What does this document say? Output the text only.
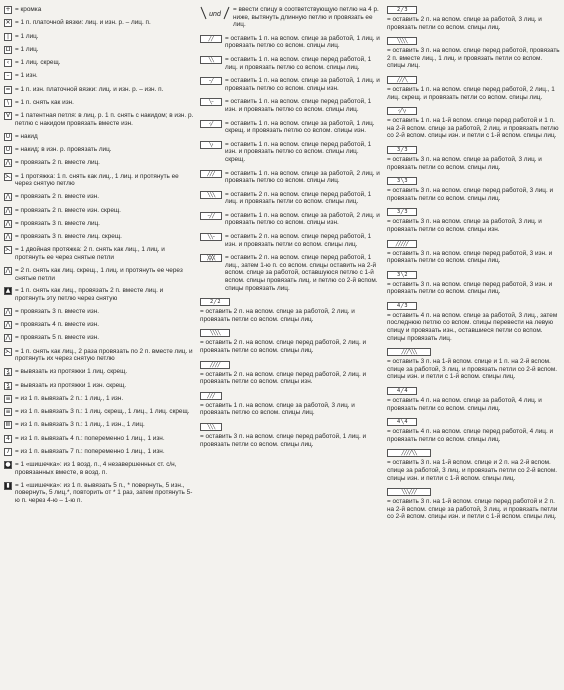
+ = кромка
✕ = 1 п. платочной вязки: лиц. и изн. р. – лиц. п.
| = 1 лиц.
Ω = 1 лиц.
‹ = 1 лиц. скрещ.
– = 1 изн.
= = 1 п. изн. платочной вязки: лиц. и изн. р. – изн. п.
\ = 1 п. снять как изн.
V = 1 патентная петля: в лиц. р. 1 п. снять с накидом; в изн. р. петлю с накидом провязать вместе изн.
U = накид
U = накид; в изн. р. провязать лиц.
⋀ = провязать 2 п. вместе лиц.
⋋ = 1 протяжка: 1 п. снять как лиц., 1 лиц. и протянуть ее через снятую петлю
⋀ = провязать 2 п. вместе изн.
⋀ = провязать 2 п. вместе изн. скрещ.
⋀ = провязать 3 п. вместе лиц.
⋀ = провязать 3 п. вместе лиц. скрещ.
⋋ = 1 двойная протяжка: 2 п. снять как лиц., 1 лиц. и протянуть ее через снятые петли
⋀ = 2 п. снять как лиц. скрещ., 1 лиц. и протянуть ее через снятые петли
▲ = 1 п. снять как лиц., провязать 2 п. вместе лиц. и протянуть эту петлю через снятую
⋀ = провязать 3 п. вместе изн.
⋀ = провязать 4 п. вместе изн.
⋀ = провязать 5 п. вместе изн.
⋋ = 1 п. снять как лиц., 2 раза провязать по 2 п. вместе лиц. и протянуть их через снятую петлю
ʓ = вывязать из протяжки 1 лиц. скрещ.
ʓ = вывязать из протяжки 1 изн. скрещ.
≡ = из 1 п. вывязать 2 п.: 1 лиц., 1 изн.
≡ = из 1 п. вывязать 3 п.: 1 лиц. скрещ., 1 лиц., 1 лиц. скрещ.
Ⅲ = из 1 п. вывязать 3 п.: 1 лиц., 1 изн., 1 лиц.
4 = из 1 п. вывязать 4 п.: попеременно 1 лиц., 1 изн.
7 = из 1 п. вывязать 7 п.: попеременно 1 лиц., 1 изн.
● = 1 «шишечка»: из 1 возд. п., 4 незавершенных ст. с/н, провязанных вместе, в возд. п.
▮ = 1 «шишечка»: из 1 п. вывязать 5 п., * повернуть, 5 изн., повернуть, 5 лиц.*, повторить от * 1 раз, затем протянуть 5-ю п. через 4-ю – 1-ю п.
und
= ввести спицу в соответствующую петлю на 4 р. ниже, вытянуть длинную петлю и провязать ее лиц.
╱╱	= оставить 1 п. на вспом. спице за работой, 1 лиц. и провязать петлю со вспом. спицы лиц.
╲╲	= оставить 1 п. на вспом. спице перед работой, 1 лиц. и провязать петлю со вспом. спицы лиц.
–╱	= оставить 1 п. на вспом. спице за работой, 1 лиц. и провязать петлю со вспом. спицы изн.
╲–	= оставить 1 п. на вспом. спице перед работой, 1 изн. и провязать петлю со вспом. спицы лиц.
‹╱	= оставить 1 п. на вспом. спице за работой, 1 лиц. скрещ. и провязать петлю со вспом. спицы изн.
╲›	= оставить 1 п. на вспом. спице перед работой, 1 изн. и провязать петлю со вспом. спицы лиц. скрещ.
╱╱╱	= оставить 1 п. на вспом. спице за работой, 2 лиц. и провязать петлю со вспом. спицы лиц.
╲╲╲	= оставить 2 п. на вспом. спице перед работой, 1 лиц. и провязать петли со вспом. спицы лиц.
–╱╱	= оставить 1 п. на вспом. спице за работой, 2 лиц. и провязать петлю со вспом. спицы изн.
╲╲–	= оставить 2 п. на вспом. спице перед работой, 1 изн. и провязать петли со вспом. спицы лиц.
╳╳╳	= оставить 2 п. на вспом. спице перед работой, 1 лиц., затем 1-ю п. со вспом. спицы оставить на 2-й вспом. спице за работой, оставшуюся петлю с 1-й вспом. спицы провязать лиц. и петлю со 2-й вспом. спицы провязать лиц.
2 ╱ 2
= оставить 2 п. на вспом. спице за работой, 2 лиц. и провязать петли со вспом. спицы лиц.
╲╲╲╲
= оставить 2 п. на вспом. спице перед работой, 2 лиц. и провязать петли со вспом. спицы лиц.
╱╱╱╱
= оставить 2 п. на вспом. спице перед работой, 2 лиц. и провязать петли со вспом. спицы изн.
╱╱╱
= оставить 1 п. на вспом. спице за работой, 3 лиц. и провязать петлю со вспом. спицы лиц.
╲╲╲
= оставить 3 п. на вспом. спице перед работой, 1 лиц. и провязать петли со вспом. спицы лиц.
2 ╱ 3
= оставить 2 п. на вспом. спице за работой, 3 лиц. и провязать петли со вспом. спицы лиц.
╲╲╲╲
= оставить 3 п. на вспом. спице перед работой, провязать 2 п. вместе лиц., 1 лиц. и провязать петли со вспом. спицы лиц.
╱╱╱╲
= оставить 1 п. на вспом. спице перед работой, 2 лиц., 1 лиц. скрещ. и провязать петли со вспом. спицы лиц.
‹╱╲›
= оставить 1 п. на 1-й вспом. спице перед работой и 1 п. на 2-й вспом. спице за работой, 2 лиц. и провязать петлю со 2-й вспом. спицы изн. и петли с 1-й вспом. спицы лиц.
3 ╱ 3
= оставить 3 п. на вспом. спице за работой, 3 лиц. и провязать петли со вспом. спицы лиц.
3 ╲ 3
= оставить 3 п. на вспом. спице перед работой, 3 лиц. и провязать петли со вспом. спицы лиц.
3 ╱ 3
= оставить 3 п. на вспом. спице за работой, 3 лиц. и провязать петли со вспом. спицы изн.
╱╱╱╱╱
= оставить 3 п. на вспом. спице перед работой, 3 изн. и провязать петли со вспом. спицы лиц.
3 ╲ 2
= оставить 3 п. на вспом. спице перед работой, 3 изн. и провязать петли со вспом. спицы лиц.
4 ╱ 3
= оставить 4 п. на вспом. спице за работой, 3 лиц., затем последнюю петлю со вспом. спицы перевести на левую спицу и провязать изн., оставшиеся петли со вспом. спицы провязать лиц.
╱╱╱╲╲╲
= оставить 3 п. на 1-й вспом. спице и 1 п. на 2-й вспом. спице за работой, 3 лиц. и провязать петли со 2-й вспом. спицы изн. и петли с 1-й вспом. спицы лиц.
4 ╱ 4
= оставить 4 п. на вспом. спице за работой, 4 лиц. и провязать петли со вспом. спицы лиц.
4 ╲ 4
= оставить 4 п. на вспом. спице перед работой, 4 лиц. и провязать петли со вспом. спицы лиц.
╱╱╱╱╲╲
= оставить 3 п. на 1-й вспом. спице и 2 п. на 2-й вспом. спице за работой, 3 лиц. и провязать петли со 2-й вспом. спицы изн. и петли с 1-й вспом. спицы лиц.
╲╲╲╱╱╱
= оставить 3 п. на 1-й вспом. спице перед работой и 2 п. на 2-й вспом. спице за работой, 3 лиц. и провязать петли со 2-й вспом. спицы изн. и петли с 1-й вспом. спицы лиц.
